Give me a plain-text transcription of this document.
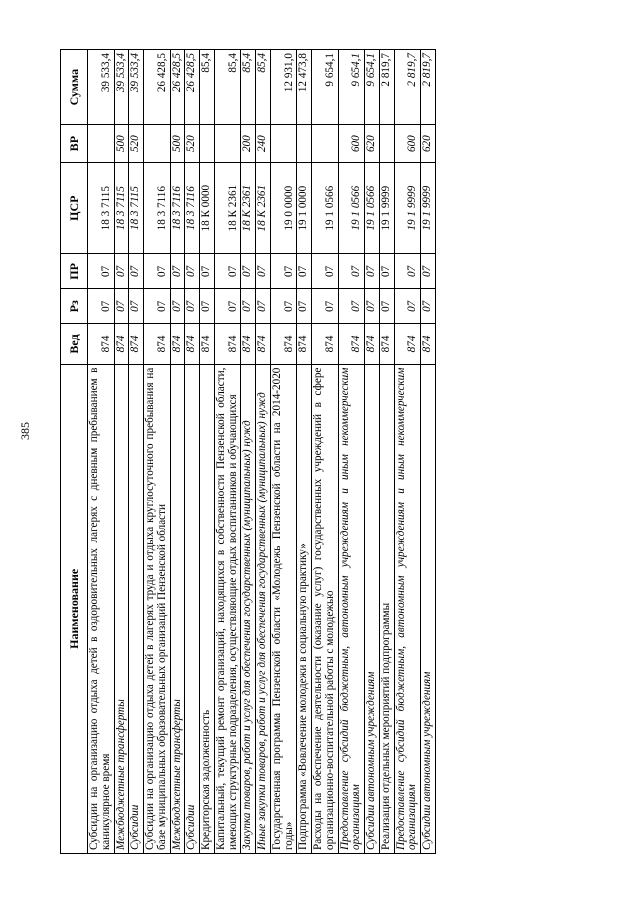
385
Наименование	Вед	Рз	ПР	ЦСР	ВР	Сумма
Субсидии на организацию отдыха детей в оздоровительных лагерях с дневным пребыванием в каникулярное время	874	07	07	18 3 7115		39 533,4
Межбюджетные трансферты	874	07	07	18 3 7115	500	39 533,4
Субсидии	874	07	07	18 3 7115	520	39 533,4
Субсидии на организацию отдыха детей в лагерях труда и отдыха круглосуточного пребывания на базе муниципальных образовательных организаций Пензенской области	874	07	07	18 3 7116		26 428,5
Межбюджетные трансферты	874	07	07	18 3 7116	500	26 428,5
Субсидии	874	07	07	18 3 7116	520	26 428,5
Кредиторская задолженность	874	07	07	18 К 0000		85,4
Капитальный, текущий ремонт организаций, находящихся в собственности Пензенской области, имеющих структурные подразделения, осуществляющие отдых воспитанников и обучающихся	874	07	07	18 К 2361		85,4
Закупка товаров, работ и услуг для обеспечения государственных (муниципальных) нужд	874	07	07	18 К 2361	200	85,4
Иные закупки товаров, работ и услуг для обеспечения государственных (муниципальных) нужд	874	07	07	18 К 2361	240	85,4
Государственная программа Пензенской области «Молодежь Пензенской области на 2014-2020 годы»	874	07	07	19 0 0000		12 931,0
Подпрограмма «Вовлечение молодежи в социальную практику»	874	07	07	19 1 0000		12 473,8
Расходы на обеспечение деятельности (оказание услуг) государственных учреждений в сфере организационно-воспитательной работы с молодежью	874	07	07	19 1 0566		9 654,1
Предоставление субсидий бюджетным, автономным учреждениям и иным некоммерческим организациям	874	07	07	19 1 0566	600	9 654,1
Субсидии автономным учреждениям	874	07	07	19 1 0566	620	9 654,1
Реализация отдельных мероприятий подпрограммы	874	07	07	19 1 9999		2 819,7
Предоставление субсидий бюджетным, автономным учреждениям и иным некоммерческим организациям	874	07	07	19 1 9999	600	2 819,7
Субсидии автономным учреждениям	874	07	07	19 1 9999	620	2 819,7
